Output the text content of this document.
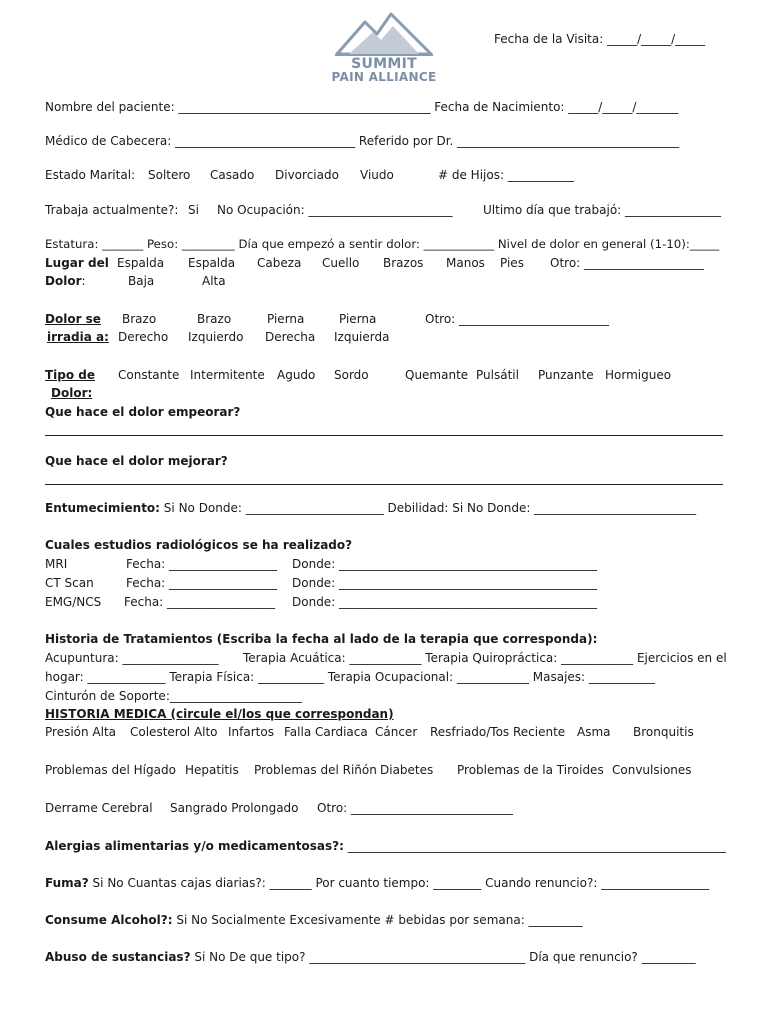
SUMMIT
PAIN ALLIANCE
Fecha de la Visita: _____/_____/_____
Nombre del paciente: __________________________________________ Fecha de Nacimiento: _____/_____/_______
Médico de Cabecera: ______________________________ Referido por Dr. _____________________________________
Estado Marital: Soltero Casado Divorciado Viudo	# de Hijos: ___________
Trabaja actualmente?: Si No Ocupación: ________________________	Ultimo día que trabajó: ________________
Estatura: _______ Peso: _________ Día que empezó a sentir dolor: ____________ Nivel de dolor en general (1-10):_____
Lugar del
Dolor:
Espalda Espalda Cabeza Cuello Brazos Manos Pies Otro: ____________________
Baja	Alta
Dolor se
irradia a:
Brazo	Brazo	Pierna	Pierna	Otro: _________________________
Derecho Izquierdo Derecha Izquierda
Tipo de
Dolor:
Constante Intermitente Agudo Sordo	Quemante Pulsátil Punzante Hormigueo
Que hace el dolor empeorar?
Que hace el dolor mejorar?
Entumecimiento: Si No Donde: _______________________ Debilidad: Si No Donde: ___________________________
Cuales estudios radiológicos se ha realizado?
MRI	Fecha: __________________ Donde: ___________________________________________
CT Scan	Fecha: __________________ Donde: ___________________________________________
EMG/NCS Fecha: __________________ Donde: ___________________________________________
Historia de Tratamientos (Escriba la fecha al lado de la terapia que corresponda):
Acupuntura: ________________ Terapia Acuática: ____________ Terapia Quiropráctica: ____________ Ejercicios en el
hogar: _____________ Terapia Física: ___________ Terapia Ocupacional: ____________ Masajes: ___________
Cinturón de Soporte:______________________
HISTORIA MEDICA (circule el/los que correspondan)
Presión Alta Colesterol Alto Infartos Falla Cardiaca Cáncer Resfriado/Tos Reciente Asma Bronquitis
Problemas del Hígado Hepatitis Problemas del Riñón Diabetes Problemas de la Tiroides Convulsiones
Derrame Cerebral Sangrado Prolongado Otro: ___________________________
Alergias alimentarias y/o medicamentosas?: _______________________________________________________________
Fuma? Si No Cuantas cajas diarias?: _______ Por cuanto tiempo: ________ Cuando renuncio?: __________________
Consume Alcohol?: Si No Socialmente Excesivamente # bebidas por semana: _________
Abuso de sustancias? Si No De que tipo? ____________________________________ Día que renuncio? _________
